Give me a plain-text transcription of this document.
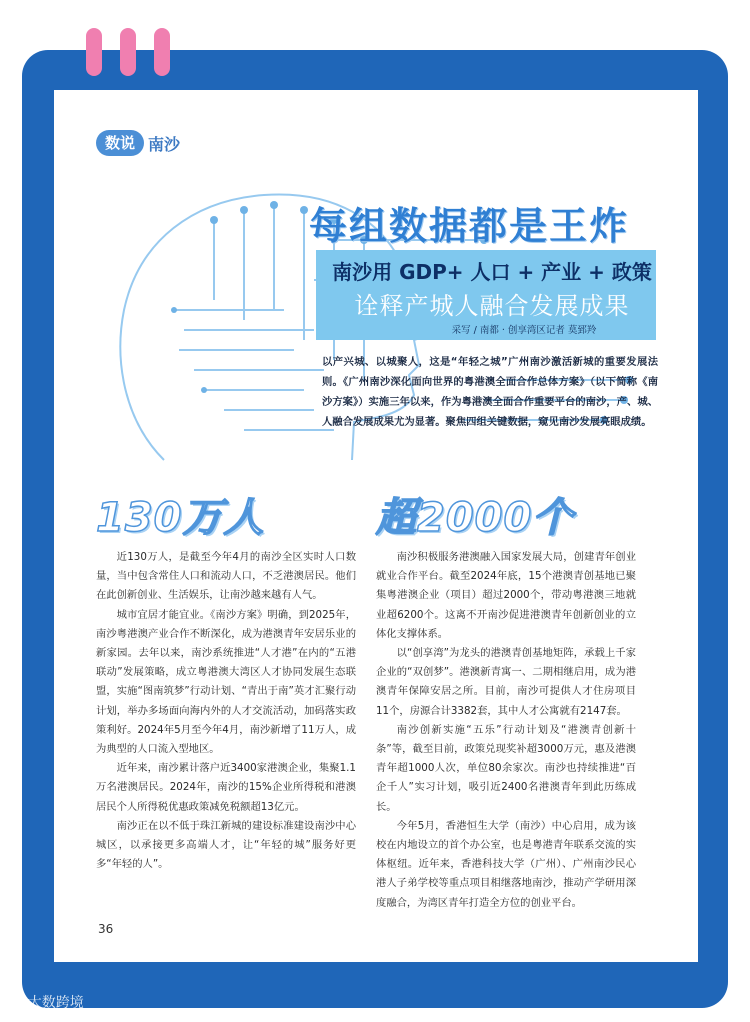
数说 南沙
每组数据都是王炸
南沙用 GDP+ 人口 + 产业 + 政策
诠释产城人融合发展成果
采写 / 南都 · 创享湾区记者 莫郅羚
以产兴城、以城聚人，这是“年轻之城”广州南沙激活新城的重要发展法则。《广州南沙深化面向世界的粤港澳全面合作总体方案》（以下简称《南沙方案》）实施三年以来，作为粤港澳全面合作重要平台的南沙，产、城、人融合发展成果尤为显著。聚焦四组关键数据，窥见南沙发展亮眼成绩。
130万人

近130万人，是截至今年4月的南沙全区实时人口数量，当中包含常住人口和流动人口，不乏港澳居民。他们在此创新创业、生活娱乐，让南沙越来越有人气。

城市宜居才能宜业。《南沙方案》明确，到2025年，南沙粤港澳产业合作不断深化，成为港澳青年安居乐业的新家园。去年以来，南沙系统推进“人才港”在内的“五港联动”发展策略，成立粤港澳大湾区人才协同发展生态联盟，实施“图南筑梦”行动计划、“青出于南”英才汇聚行动计划，举办多场面向海内外的人才交流活动，加码落实政策利好。2024年5月至今年4月，南沙新增了11万人，成为典型的人口流入型地区。

近年来，南沙累计落户近3400家港澳企业，集聚1.1万名港澳居民。2024年，南沙的15%企业所得税和港澳居民个人所得税优惠政策减免税额超13亿元。

南沙正在以不低于珠江新城的建设标准建设南沙中心城区，以承接更多高端人才，让“年轻的城”服务好更多“年轻的人”。

超2000个

南沙积极服务港澳融入国家发展大局，创建青年创业就业合作平台。截至2024年底，15个港澳青创基地已聚集粤港澳企业（项目）超过2000个，带动粤港澳三地就业超6200个。这离不开南沙促进港澳青年创新创业的立体化支撑体系。

以“创享湾”为龙头的港澳青创基地矩阵，承载上千家企业的“双创梦”。港澳新青寓一、二期相继启用，成为港澳青年保障安居之所。目前，南沙可提供人才住房项目11个，房源合计3382套，其中人才公寓就有2147套。

南沙创新实施“五乐”行动计划及“港澳青创新十条”等，截至目前，政策兑现奖补超3000万元，惠及港澳青年超1000人次，单位80余家次。南沙也持续推进“百企千人”实习计划，吸引近2400名港澳青年到此历练成长。

今年5月，香港恒生大学（南沙）中心启用，成为该校在内地设立的首个办公室，也是粤港青年联系交流的实体枢纽。近年来，香港科技大学（广州）、广州南沙民心港人子弟学校等重点项目相继落地南沙，推动产学研用深度融合，为湾区青年打造全方位的创业平台。

36
✆ 大数跨境
